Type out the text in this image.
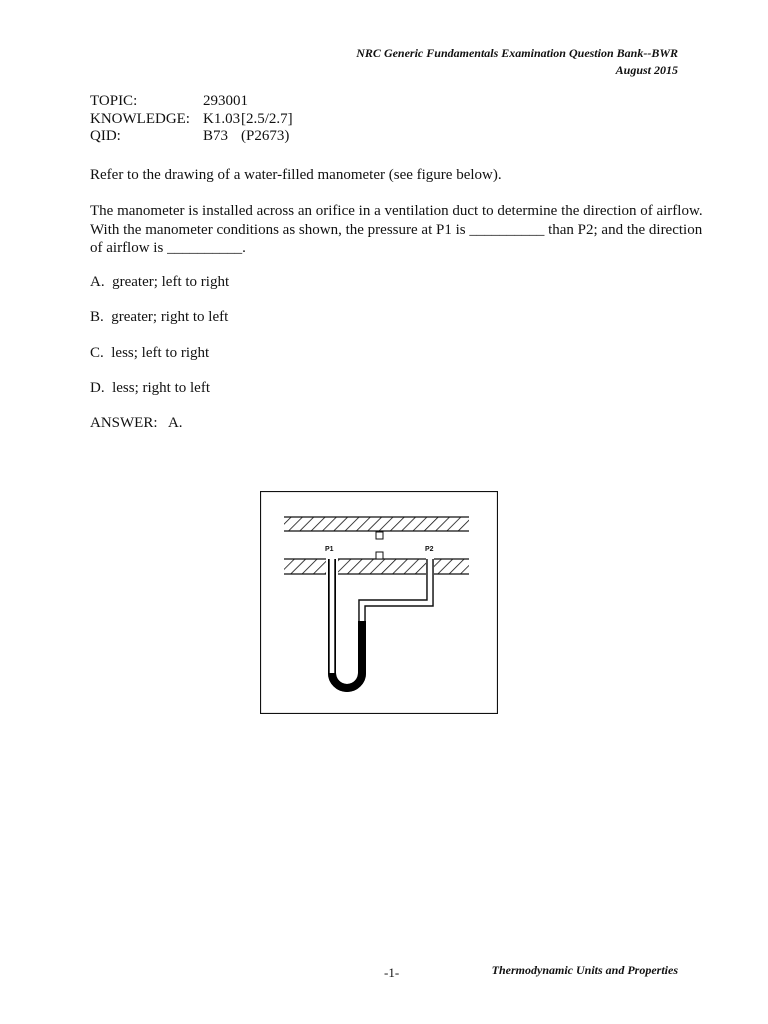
NRC Generic Fundamentals Examination Question Bank--BWR
August 2015
TOPIC:	293001
KNOWLEDGE: K1.03 [2.5/2.7]
QID:	B73 (P2673)
Refer to the drawing of a water-filled manometer (see figure below).
The manometer is installed across an orifice in a ventilation duct to determine the direction of airflow. With the manometer conditions as shown, the pressure at P1 is __________ than P2; and the direction of airflow is __________.
A. greater; left to right
B. greater; right to left
C. less; left to right
D. less; right to left
ANSWER: A.
P1	P2
-1-	Thermodynamic Units and Properties
